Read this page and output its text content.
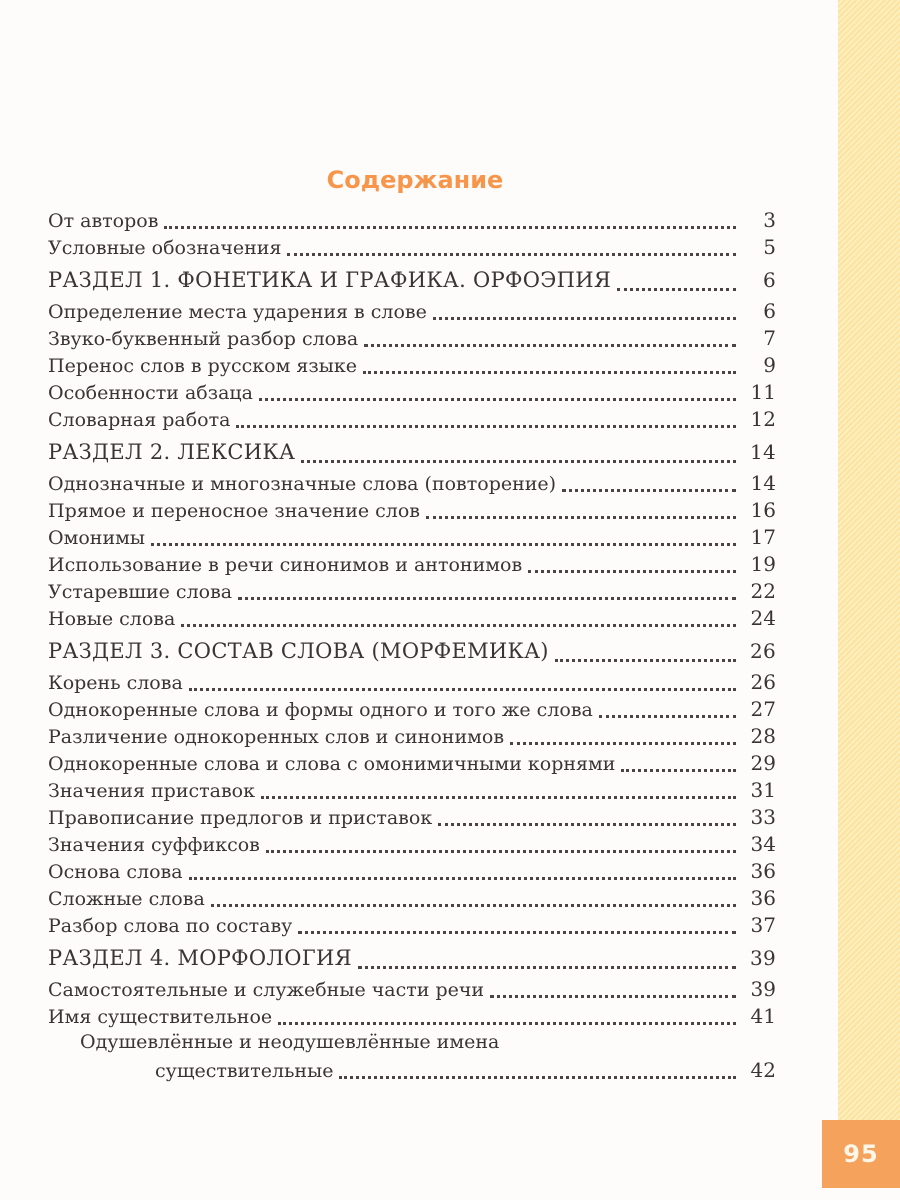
95
Содержание
От авторов	3
Условные обозначения	5
РАЗДЕЛ 1. ФОНЕТИКА И ГРАФИКА. ОРФОЭПИЯ	6
Определение места ударения в слове	6
Звуко-буквенный разбор слова	7
Перенос слов в русском языке	9
Особенности абзаца	11
Словарная работа	12
РАЗДЕЛ 2. ЛЕКСИКА	14
Однозначные и многозначные слова (повторение)	14
Прямое и переносное значение слов	16
Омонимы	17
Использование в речи синонимов и антонимов	19
Устаревшие слова	22
Новые слова	24
РАЗДЕЛ 3. СОСТАВ СЛОВА (МОРФЕМИКА)	26
Корень слова	26
Однокоренные слова и формы одного и того же слова	27
Различение однокоренных слов и синонимов	28
Однокоренные слова и слова с омонимичными корнями	29
Значения приставок	31
Правописание предлогов и приставок	33
Значения суффиксов	34
Основа слова	36
Сложные слова	36
Разбор слова по составу	37
РАЗДЕЛ 4. МОРФОЛОГИЯ	39
Самостоятельные и служебные части речи	39
Имя существительное	41
Одушевлённые и неодушевлённые имена
существительные	42
